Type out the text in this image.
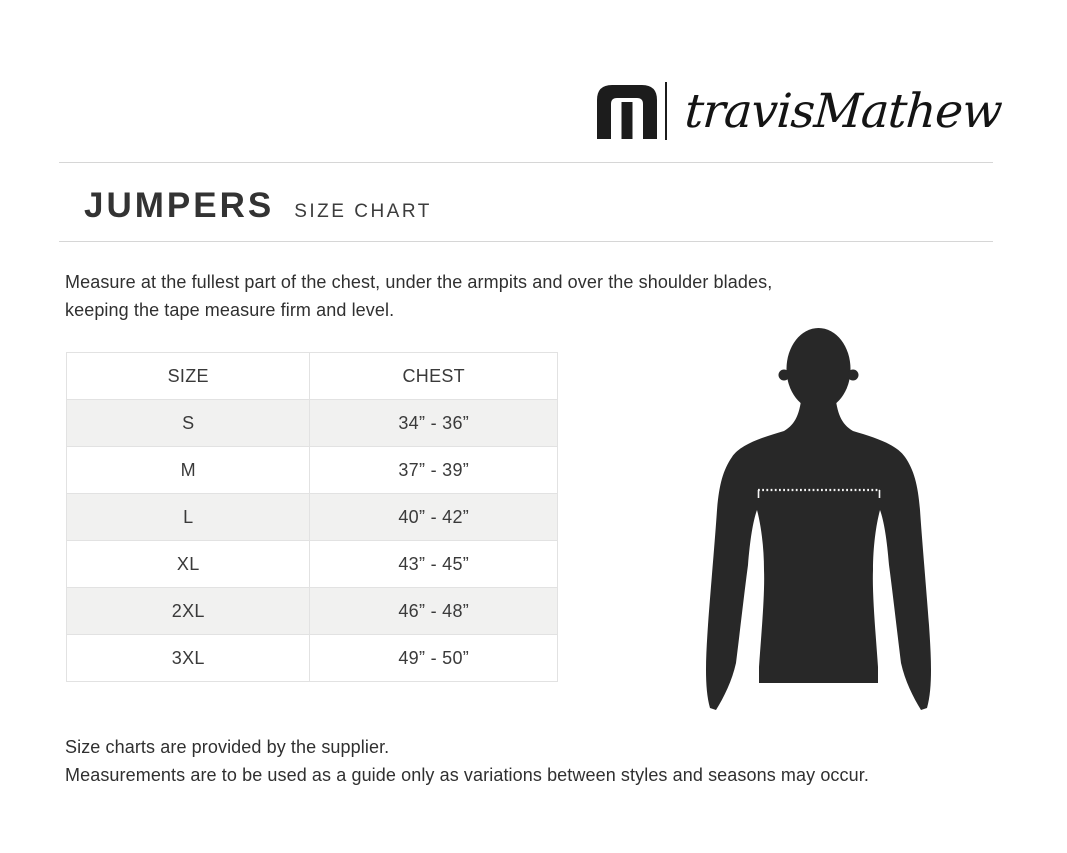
travisMathew
JUMPERS SIZE CHART

Measure at the fullest part of the chest, under the armpits and over the shoulder blades,
keeping the tape measure firm and level.

SIZE	CHEST
S	34” - 36”
M	37” - 39”
L	40” - 42”
XL	43” - 45”
2XL	46” - 48”
3XL	49” - 50”

Size charts are provided by the supplier.
Measurements are to be used as a guide only as variations between styles and seasons may occur.
